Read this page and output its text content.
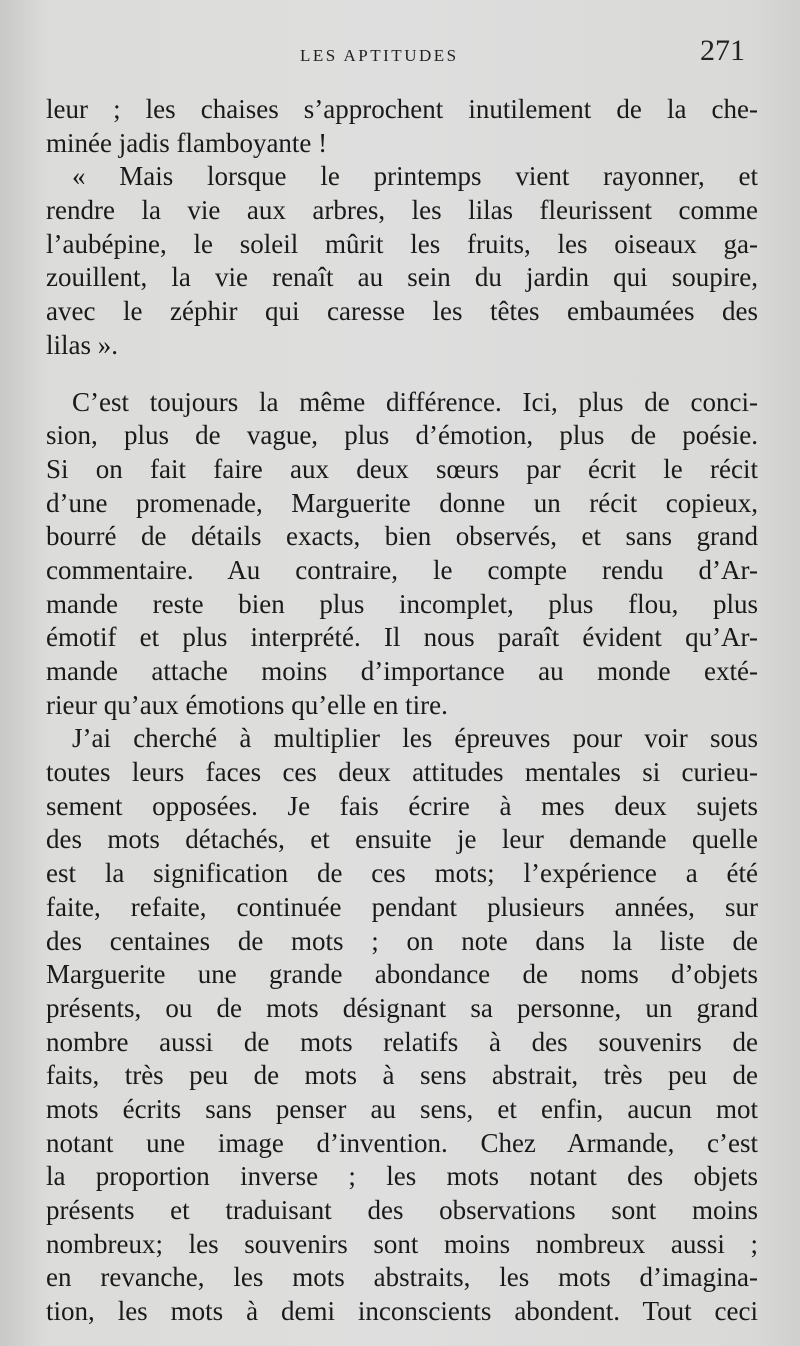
LES APTITUDES	271
leur ; les chaises s’approchent inutilement de la che-
minée jadis flamboyante !
« Mais lorsque le printemps vient rayonner, et
rendre la vie aux arbres, les lilas fleurissent comme
l’aubépine, le soleil mûrit les fruits, les oiseaux ga-
zouillent, la vie renaît au sein du jardin qui soupire,
avec le zéphir qui caresse les têtes embaumées des
lilas ».
C’est toujours la même différence. Ici, plus de conci-
sion, plus de vague, plus d’émotion, plus de poésie.
Si on fait faire aux deux sœurs par écrit le récit
d’une promenade, Marguerite donne un récit copieux,
bourré de détails exacts, bien observés, et sans grand
commentaire. Au contraire, le compte rendu d’Ar-
mande reste bien plus incomplet, plus flou, plus
émotif et plus interprété. Il nous paraît évident qu’Ar-
mande attache moins d’importance au monde exté-
rieur qu’aux émotions qu’elle en tire.
J’ai cherché à multiplier les épreuves pour voir sous
toutes leurs faces ces deux attitudes mentales si curieu-
sement opposées. Je fais écrire à mes deux sujets
des mots détachés, et ensuite je leur demande quelle
est la signification de ces mots; l’expérience a été
faite, refaite, continuée pendant plusieurs années, sur
des centaines de mots ; on note dans la liste de
Marguerite une grande abondance de noms d’objets
présents, ou de mots désignant sa personne, un grand
nombre aussi de mots relatifs à des souvenirs de
faits, très peu de mots à sens abstrait, très peu de
mots écrits sans penser au sens, et enfin, aucun mot
notant une image d’invention. Chez Armande, c’est
la proportion inverse ; les mots notant des objets
présents et traduisant des observations sont moins
nombreux; les souvenirs sont moins nombreux aussi ;
en revanche, les mots abstraits, les mots d’imagina-
tion, les mots à demi inconscients abondent. Tout ceci
